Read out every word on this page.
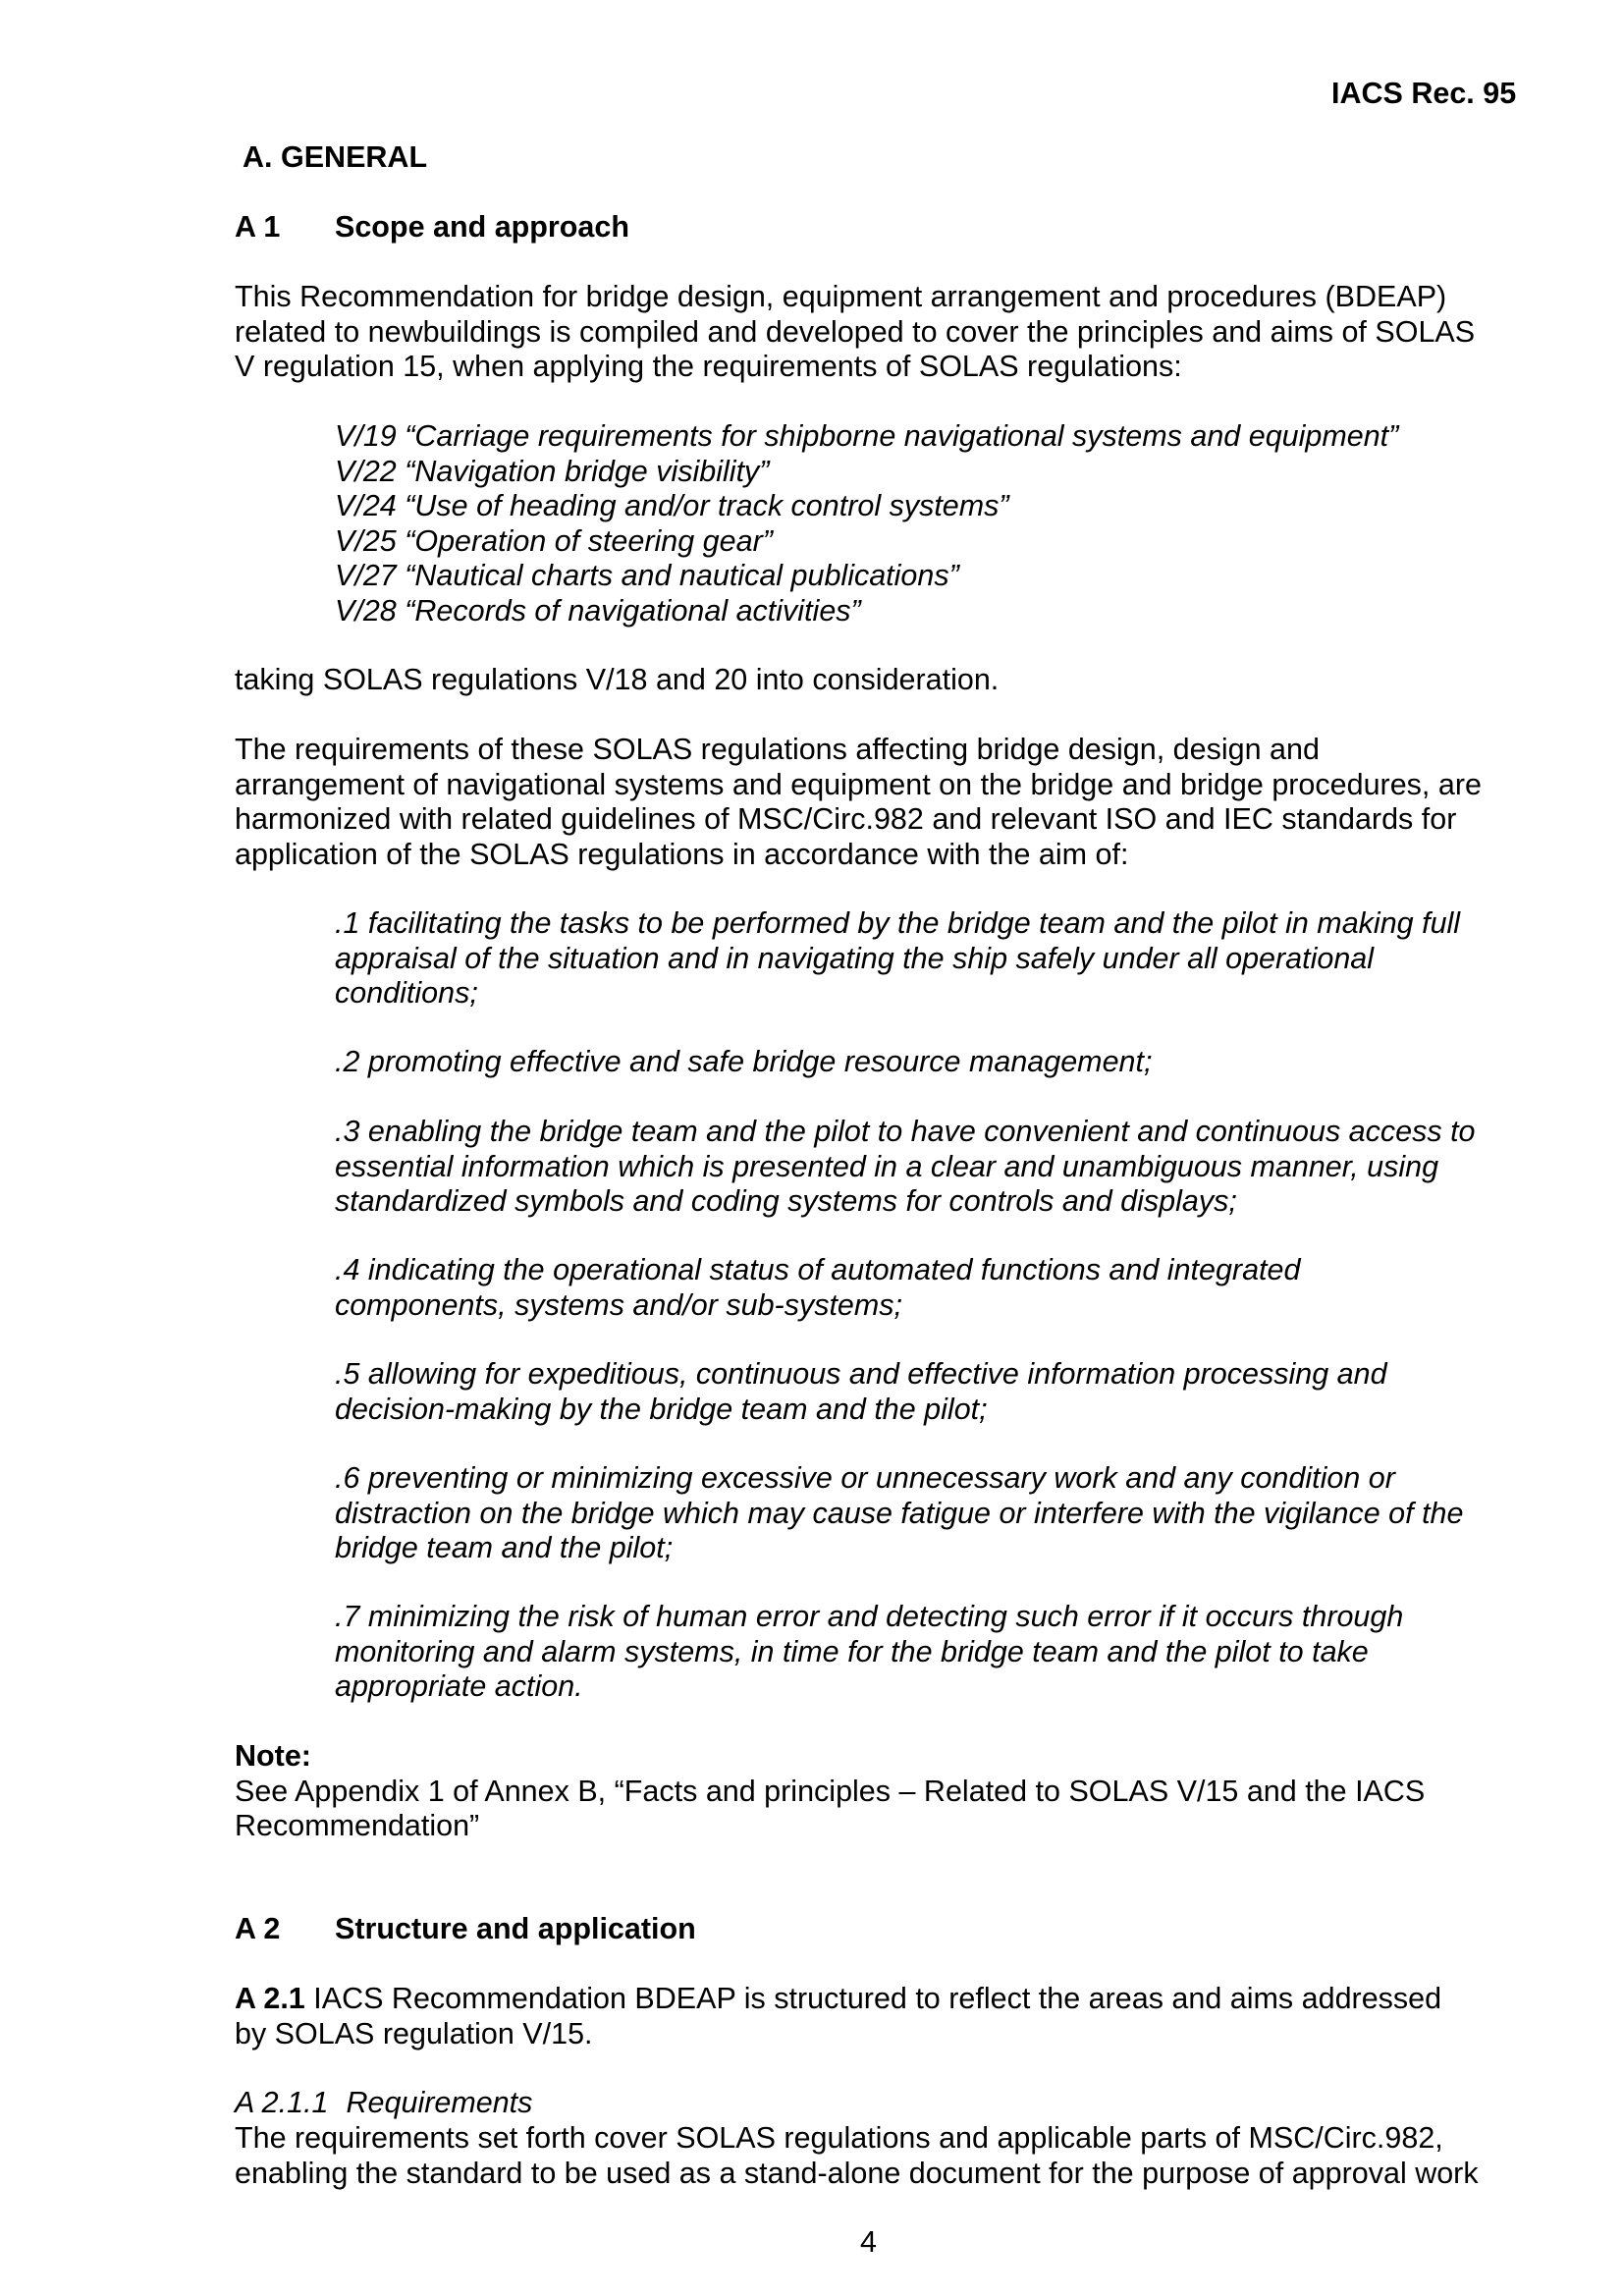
IACS Rec. 95
A. GENERAL
A 1 Scope and approach
This Recommendation for bridge design, equipment arrangement and procedures (BDEAP)
related to newbuildings is compiled and developed to cover the principles and aims of SOLAS
V regulation 15, when applying the requirements of SOLAS regulations:
V/19 “Carriage requirements for shipborne navigational systems and equipment”
V/22 “Navigation bridge visibility”
V/24 “Use of heading and/or track control systems”
V/25 “Operation of steering gear”
V/27 “Nautical charts and nautical publications”
V/28 “Records of navigational activities”
taking SOLAS regulations V/18 and 20 into consideration.
The requirements of these SOLAS regulations affecting bridge design, design and
arrangement of navigational systems and equipment on the bridge and bridge procedures, are
harmonized with related guidelines of MSC/Circ.982 and relevant ISO and IEC standards for
application of the SOLAS regulations in accordance with the aim of:
.1 facilitating the tasks to be performed by the bridge team and the pilot in making full
appraisal of the situation and in navigating the ship safely under all operational
conditions;
.2 promoting effective and safe bridge resource management;
.3 enabling the bridge team and the pilot to have convenient and continuous access to
essential information which is presented in a clear and unambiguous manner, using
standardized symbols and coding systems for controls and displays;
.4 indicating the operational status of automated functions and integrated
components, systems and/or sub-systems;
.5 allowing for expeditious, continuous and effective information processing and
decision-making by the bridge team and the pilot;
.6 preventing or minimizing excessive or unnecessary work and any condition or
distraction on the bridge which may cause fatigue or interfere with the vigilance of the
bridge team and the pilot;
.7 minimizing the risk of human error and detecting such error if it occurs through
monitoring and alarm systems, in time for the bridge team and the pilot to take
appropriate action.
Note:
See Appendix 1 of Annex B, “Facts and principles – Related to SOLAS V/15 and the IACS
Recommendation”
A 2 Structure and application
A 2.1 IACS Recommendation BDEAP is structured to reflect the areas and aims addressed
by SOLAS regulation V/15.
A 2.1.1 Requirements
The requirements set forth cover SOLAS regulations and applicable parts of MSC/Circ.982,
enabling the standard to be used as a stand-alone document for the purpose of approval work
4
